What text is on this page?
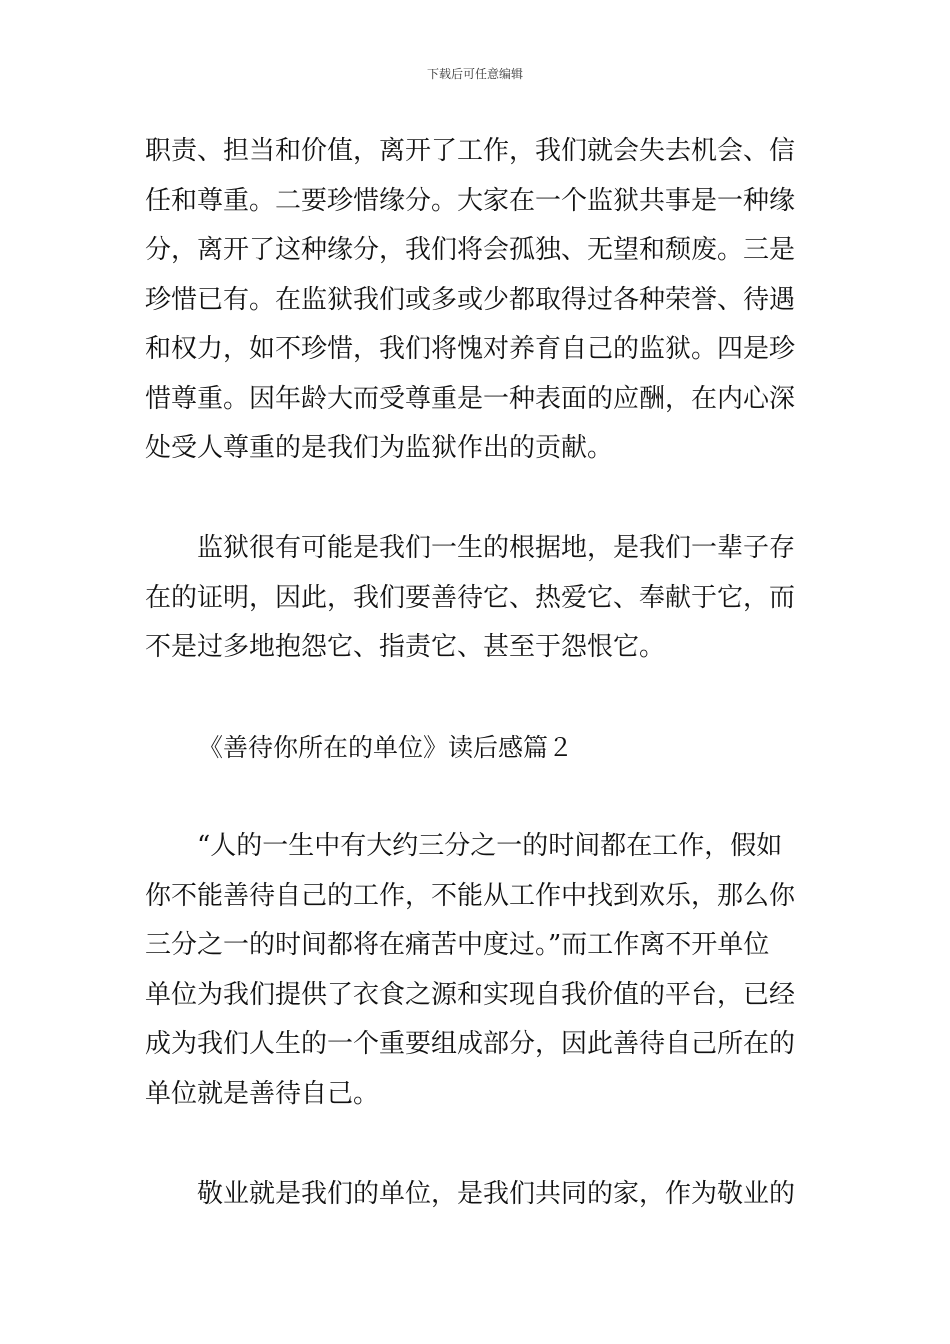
下载后可任意编辑
职责、担当和价值，离开了工作，我们就会失去机会、信
任和尊重。二要珍惜缘分。大家在一个监狱共事是一种缘
分，离开了这种缘分，我们将会孤独、无望和颓废。三是
珍惜已有。在监狱我们或多或少都取得过各种荣誉、待遇
和权力，如不珍惜，我们将愧对养育自己的监狱。四是珍
惜尊重。因年龄大而受尊重是一种表面的应酬，在内心深
处受人尊重的是我们为监狱作出的贡献。
　　监狱很有可能是我们一生的根据地，是我们一辈子存
在的证明，因此，我们要善待它、热爱它、奉献于它，而
不是过多地抱怨它、指责它、甚至于怨恨它。
《善待你所在的单位》读后感篇２
　　“人的一生中有大约三分之一的时间都在工作，假如
你不能善待自己的工作，不能从工作中找到欢乐，那么你
三分之一的时间都将在痛苦中度过。”而工作离不开单位
单位为我们提供了衣食之源和实现自我价值的平台，已经
成为我们人生的一个重要组成部分，因此善待自己所在的
单位就是善待自己。
　　敬业就是我们的单位，是我们共同的家，作为敬业的
